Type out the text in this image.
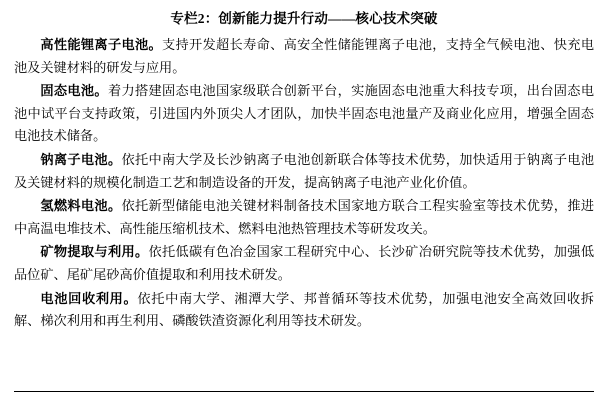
专栏2：创新能力提升行动——核心技术突破

高性能锂离子电池。支持开发超长寿命、高安全性储能锂离子电池，支持全气候电池、快充电池及关键材料的研发与应用。

固态电池。着力搭建固态电池国家级联合创新平台，实施固态电池重大科技专项，出台固态电池中试平台支持政策，引进国内外顶尖人才团队，加快半固态电池量产及商业化应用，增强全固态电池技术储备。

钠离子电池。依托中南大学及长沙钠离子电池创新联合体等技术优势，加快适用于钠离子电池及关键材料的规模化制造工艺和制造设备的开发，提高钠离子电池产业化价值。

氢燃料电池。依托新型储能电池关键材料制备技术国家地方联合工程实验室等技术优势，推进中高温电堆技术、高性能压缩机技术、燃料电池热管理技术等研发攻关。

矿物提取与利用。依托低碳有色冶金国家工程研究中心、长沙矿冶研究院等技术优势，加强低品位矿、尾矿尾砂高价值提取和利用技术研发。

电池回收利用。依托中南大学、湘潭大学、邦普循环等技术优势，加强电池安全高效回收拆解、梯次利用和再生利用、磷酸铁渣资源化利用等技术研发。
